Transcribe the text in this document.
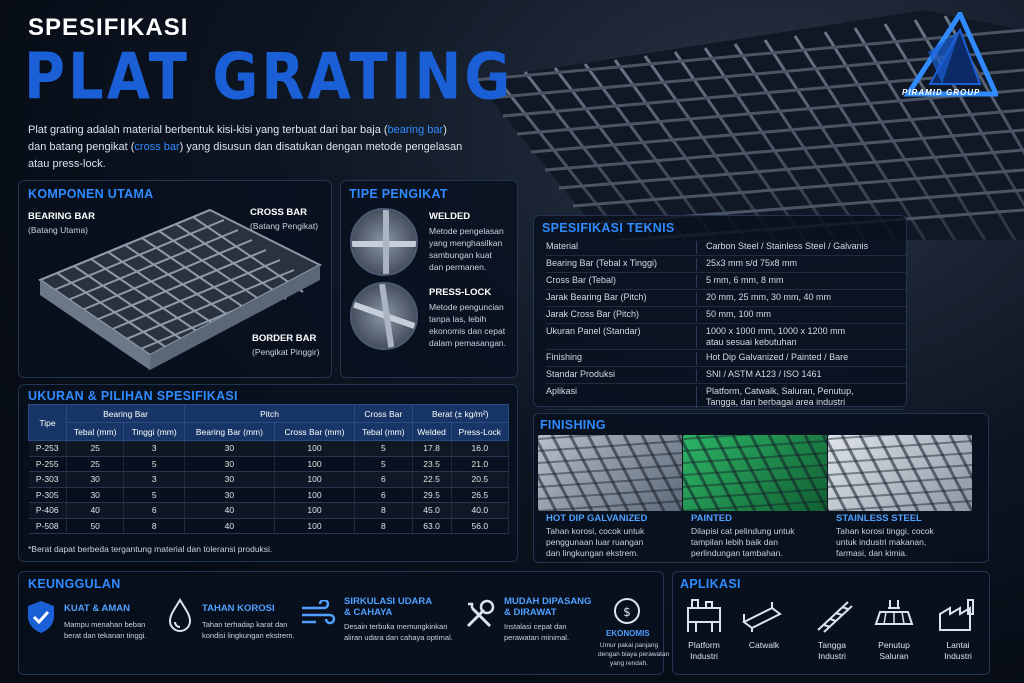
SPESIFIKASI
PLAT GRATING
Plat grating adalah material berbentuk kisi-kisi yang terbuat dari bar baja (bearing bar)
dan batang pengikat (cross bar) yang disusun dan disatukan dengan metode pengelasan
atau press-lock.
PIRAMID GROUP
KOMPONEN UTAMA
BEARING BAR
(Batang Utama)
CROSS BAR
(Batang Pengikat)
BORDER BAR
(Pengikat Pinggir)
TIPE PENGIKAT
WELDED
Metode pengelasan
yang menghasilkan
sambungan kuat
dan permanen.
PRESS-LOCK
Metode penguncian
tanpa las, lebih
ekonomis dan cepat
dalam pemasangan.
SPESIFIKASI TEKNIS
Material	Carbon Steel / Stainless Steel / Galvanis
Bearing Bar (Tebal x Tinggi)	25x3 mm s/d 75x8 mm
Cross Bar (Tebal)	5 mm, 6 mm, 8 mm
Jarak Bearing Bar (Pitch)	20 mm, 25 mm, 30 mm, 40 mm
Jarak Cross Bar (Pitch)	50 mm, 100 mm
Ukuran Panel (Standar)	1000 x 1000 mm, 1000 x 1200 mm
atau sesuai kebutuhan
Finishing	Hot Dip Galvanized / Painted / Bare
Standar Produksi	SNI / ASTM A123 / ISO 1461
Aplikasi	Platform, Catwalk, Saluran, Penutup,
Tangga, dan berbagai area industri
UKURAN & PILIHAN SPESIFIKASI
Tipe	Bearing Bar		Pitch		Cross Bar	Berat (± kg/m²)	
	Tebal (mm)	Tinggi (mm)	Bearing Bar (mm)	Cross Bar (mm)	Tebal (mm)	Welded	Press-Lock
P-253	25	3	30	100	5	17.8	16.0
P-255	25	5	30	100	5	23.5	21.0
P-303	30	3	30	100	6	22.5	20.5
P-305	30	5	30	100	6	29.5	26.5
P-406	40	6	40	100	8	45.0	40.0
P-508	50	8	40	100	8	63.0	56.0
*Berat dapat berbeda tergantung material dan toleransi produksi.
FINISHING
HOT DIP GALVANIZED
Tahan korosi, cocok untuk
penggunaan luar ruangan
dan lingkungan ekstrem.
PAINTED
Dilapisi cat pelindung untuk
tampilan lebih baik dan
perlindungan tambahan.
STAINLESS STEEL
Tahan korosi tinggi, cocok
untuk industri makanan,
farmasi, dan kimia.
KEUNGGULAN
KUAT & AMAN
Mampu menahan beban
berat dan tekanan tinggi.
TAHAN KOROSI
Tahan terhadap karat dan
kondisi lingkungan ekstrem.
SIRKULASI UDARA
& CAHAYA
Desain terbuka memungkinkan
aliran udara dan cahaya optimal.
MUDAH DIPASANG
& DIRAWAT
Instalasi cepat dan
perawatan minimal.
$
EKONOMIS
Umur pakai panjang
dengan biaya perawatan
yang rendah.
APLIKASI
Platform
Industri
Catwalk	Tangga
Industri
Penutup
Saluran
Lantai
Industri
